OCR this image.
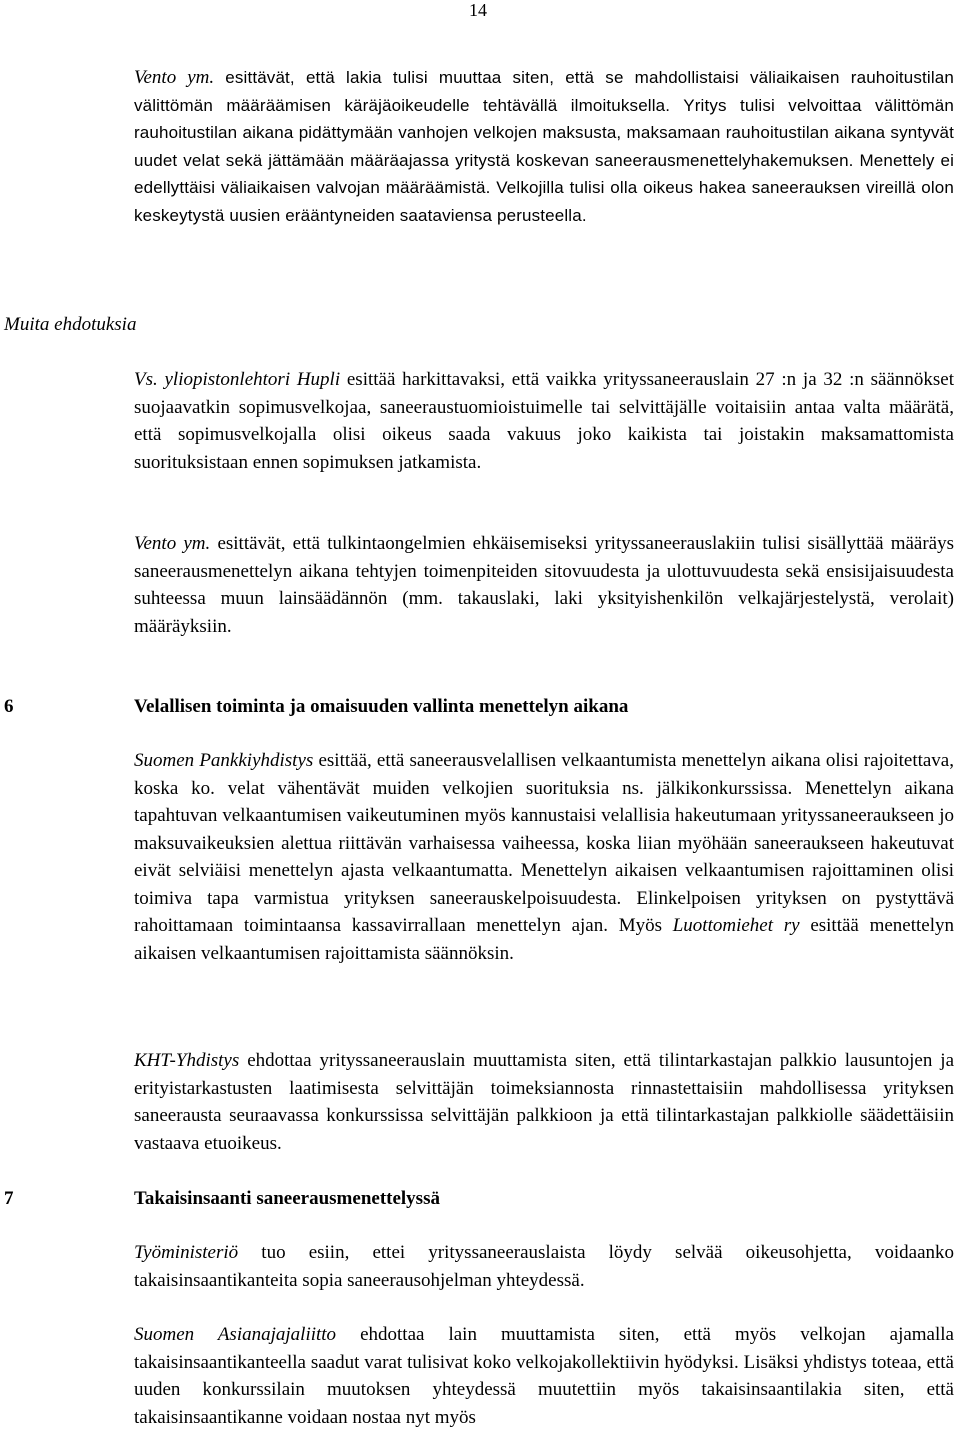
14
Muita ehdotuksia

Vento ym. esittävät, että lakia tulisi muuttaa siten, että se mahdollistaisi väliaikaisen rauhoitustilan välittömän määräämisen käräjäoikeudelle tehtävällä ilmoituksella. Yritys tulisi velvoittaa välittömän rauhoitustilan aikana pidättymään vanhojen velkojen maksusta, maksamaan rauhoitustilan aikana syntyvät uudet velat sekä jättämään määräajassa yritystä koskevan saneerausmenettelyhakemuksen. Menettely ei edellyttäisi väliaikaisen valvojan määräämistä. Velkojilla tulisi olla oikeus hakea saneerauksen vireillä olon keskeytystä uusien erääntyneiden saataviensa perusteella.

Vs. yliopistonlehtori Hupli esittää harkittavaksi, että vaikka yrityssaneerauslain 27 :n ja 32 :n säännökset suojaavatkin sopimusvelkojaa, saneeraustuomioistuimelle tai selvittäjälle voitaisiin antaa valta määrätä, että sopimusvelkojalla olisi oikeus saada vakuus joko kaikista tai joistakin maksamattomista suorituksistaan ennen sopimuksen jatkamista.

Vento ym. esittävät, että tulkintaongelmien ehkäisemiseksi yrityssaneerauslakiin tulisi sisällyttää määräys saneerausmenettelyn aikana tehtyjen toimenpiteiden sitovuudesta ja ulottuvuudesta sekä ensisijaisuudesta suhteessa muun lainsäädännön (mm. takauslaki, laki yksityishenkilön velkajärjestelystä, verolait) määräyksiin.

6	Velallisen toiminta ja omaisuuden vallinta menettelyn aikana

Suomen Pankkiyhdistys esittää, että saneerausvelallisen velkaantumista menettelyn aikana olisi rajoitettava, koska ko. velat vähentävät muiden velkojien suorituksia ns. jälkikonkurssissa. Menettelyn aikana tapahtuvan velkaantumisen vaikeutuminen myös kannustaisi velallisia hakeutumaan yrityssaneeraukseen jo maksuvaikeuksien alettua riittävän varhaisessa vaiheessa, koska liian myöhään saneeraukseen hakeutuvat eivät selviäisi menettelyn ajasta velkaantumatta. Menettelyn aikaisen velkaantumisen rajoittaminen olisi toimiva tapa varmistua yrityksen saneerauskelpoisuudesta. Elinkelpoisen yrityksen on pystyttävä rahoittamaan toimintaansa kassavirrallaan menettelyn ajan. Myös Luottomiehet ry esittää menettelyn aikaisen velkaantumisen rajoittamista säännöksin.

KHT-Yhdistys ehdottaa yrityssaneerauslain muuttamista siten, että tilintarkastajan palkkio lausuntojen ja erityistarkastusten laatimisesta selvittäjän toimeksiannosta rinnastettaisiin mahdollisessa yrityksen saneerausta seuraavassa konkurssissa selvittäjän palkkioon ja että tilintarkastajan palkkiolle säädettäisiin vastaava etuoikeus.

7	Takaisinsaanti saneerausmenettelyssä

Työministeriö tuo esiin, ettei yrityssaneerauslaista löydy selvää oikeusohjetta, voidaanko takaisinsaantikanteita sopia saneerausohjelman yhteydessä.

Suomen Asianajajaliitto ehdottaa lain muuttamista siten, että myös velkojan ajamalla takaisinsaantikanteella saadut varat tulisivat koko velkojakollektiivin hyödyksi. Lisäksi yhdistys toteaa, että uuden konkurssilain muutoksen yhteydessä muutettiin myös takaisinsaantilakia siten, että takaisinsaantikanne voidaan nostaa nyt myös
